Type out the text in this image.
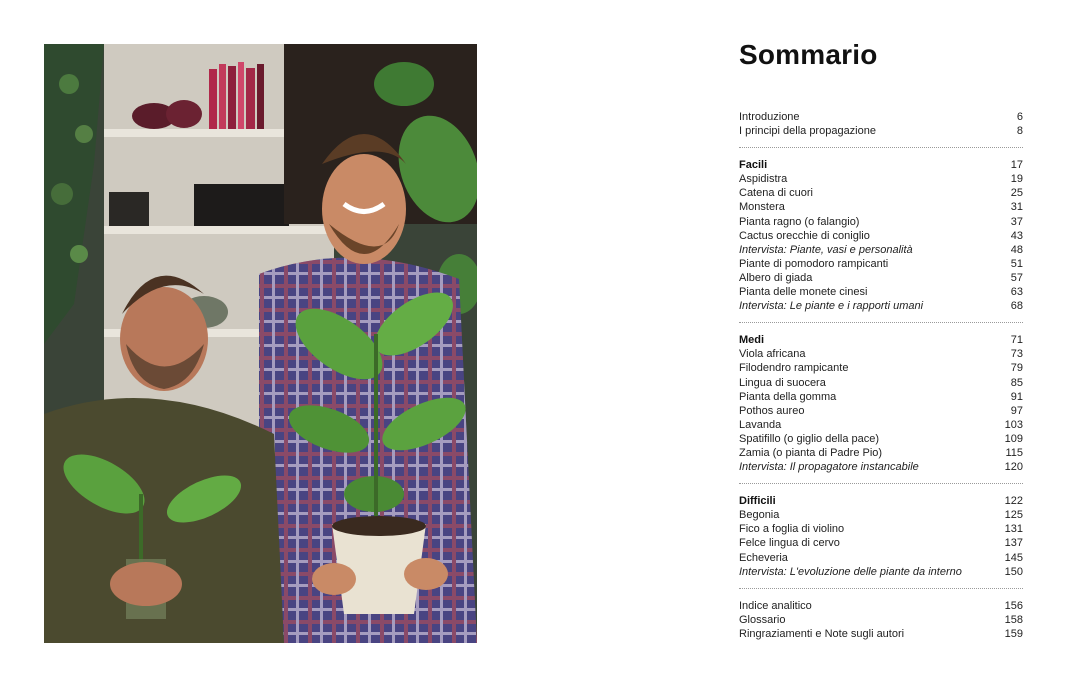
Sommario
Introduzione	6
I principi della propagazione	8
Facili	17
Aspidistra	19
Catena di cuori	25
Monstera	31
Pianta ragno (o falangio)	37
Cactus orecchie di coniglio	43
Intervista: Piante, vasi e personalità	48
Piante di pomodoro rampicanti	51
Albero di giada	57
Pianta delle monete cinesi	63
Intervista: Le piante e i rapporti umani	68
Medi	71
Viola africana	73
Filodendro rampicante	79
Lingua di suocera	85
Pianta della gomma	91
Pothos aureo	97
Lavanda	103
Spatifillo (o giglio della pace)	109
Zamia (o pianta di Padre Pio)	115
Intervista: Il propagatore instancabile	120
Difficili	122
Begonia	125
Fico a foglia di violino	131
Felce lingua di cervo	137
Echeveria	145
Intervista: L'evoluzione delle piante da interno	150
Indice analitico	156
Glossario	158
Ringraziamenti e Note sugli autori	159
